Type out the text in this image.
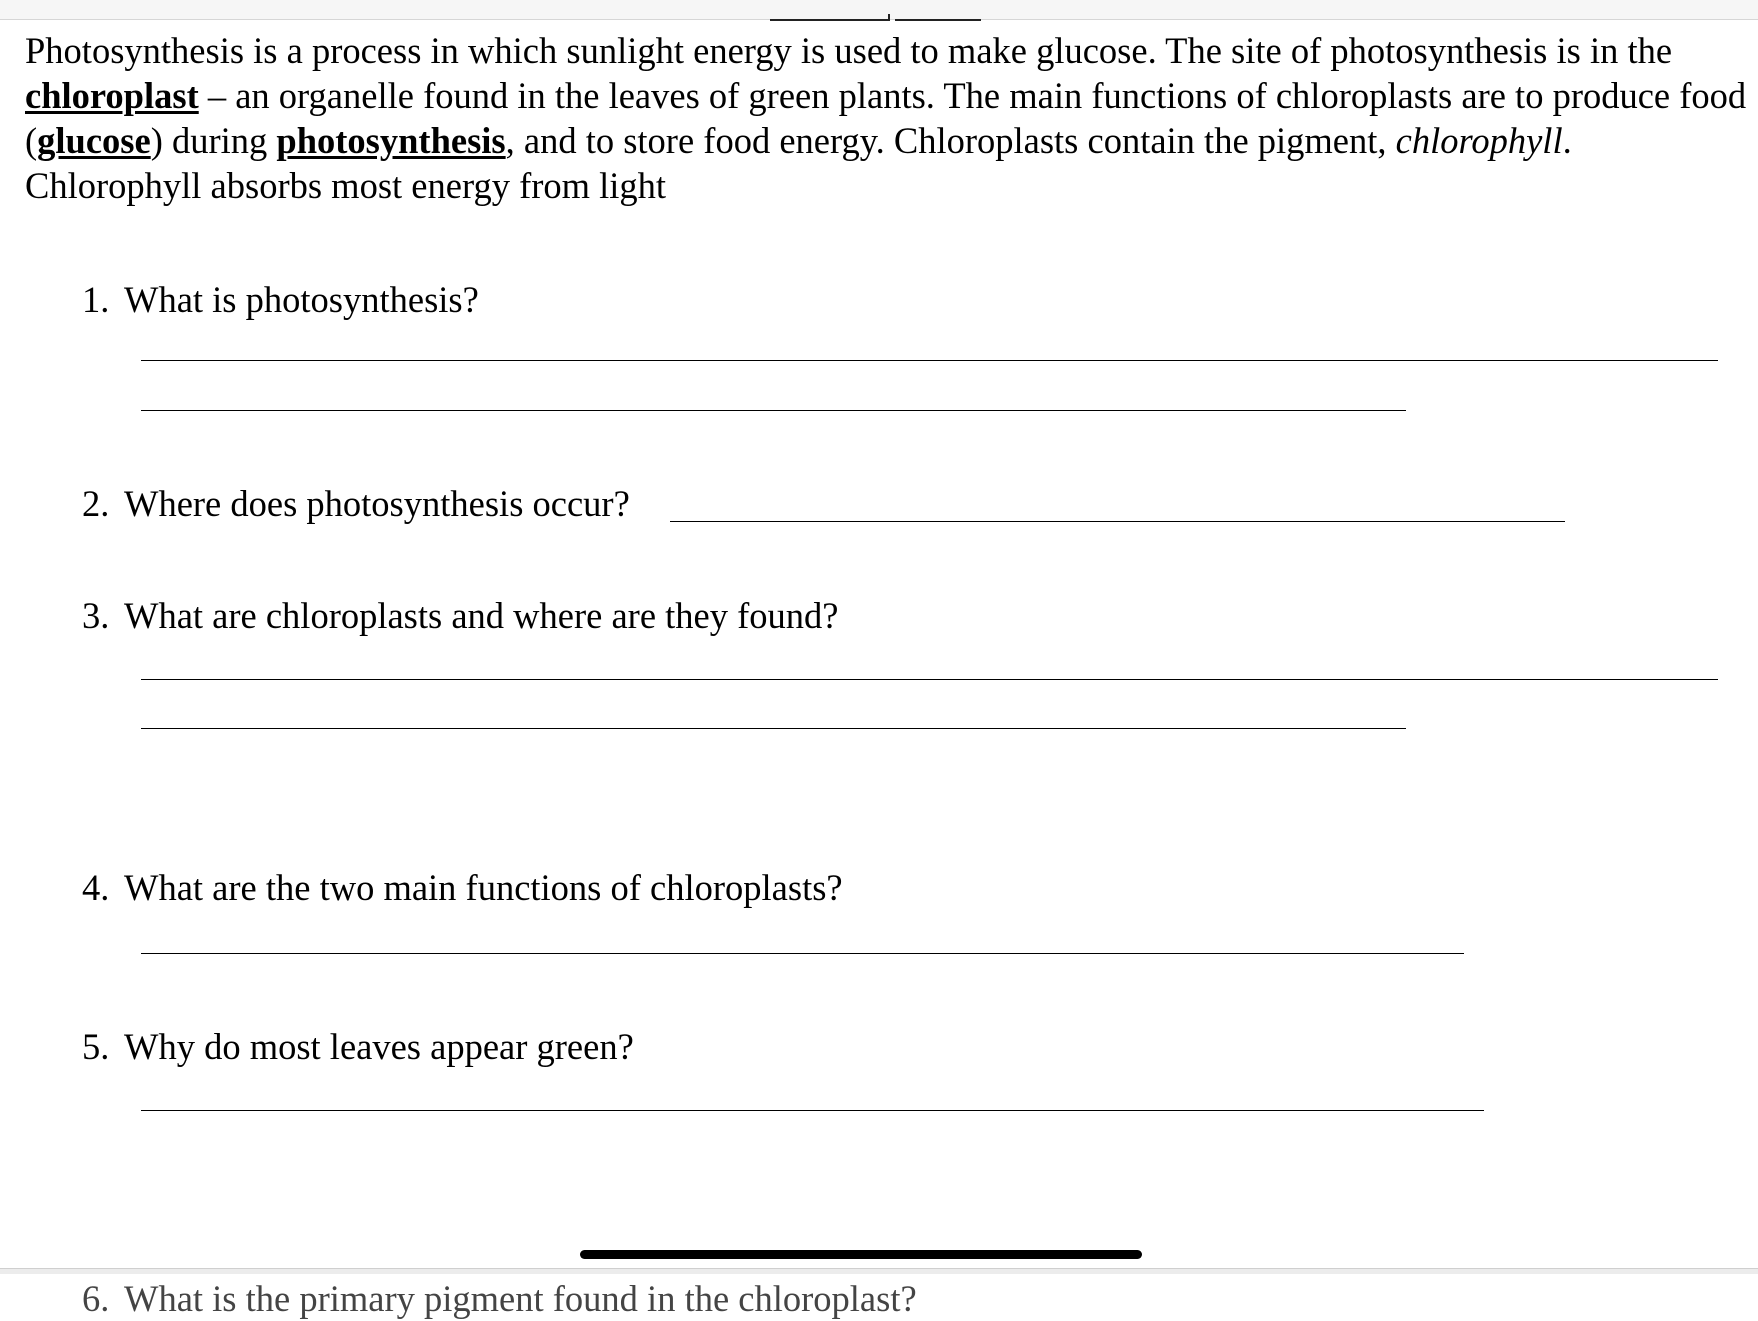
Photosynthesis is a process in which sunlight energy is used to make glucose. The site of photosynthesis is in the chloroplast – an organelle found in the leaves of green plants. The main functions of chloroplasts are to produce food (glucose) during photosynthesis, and to store food energy. Chloroplasts contain the pigment, chlorophyll. Chlorophyll absorbs most energy from light

1. What is photosynthesis?

2. Where does photosynthesis occur?

3. What are chloroplasts and where are they found?

4. What are the two main functions of chloroplasts?

5. Why do most leaves appear green?

6. What is the primary pigment found in the chloroplast?
